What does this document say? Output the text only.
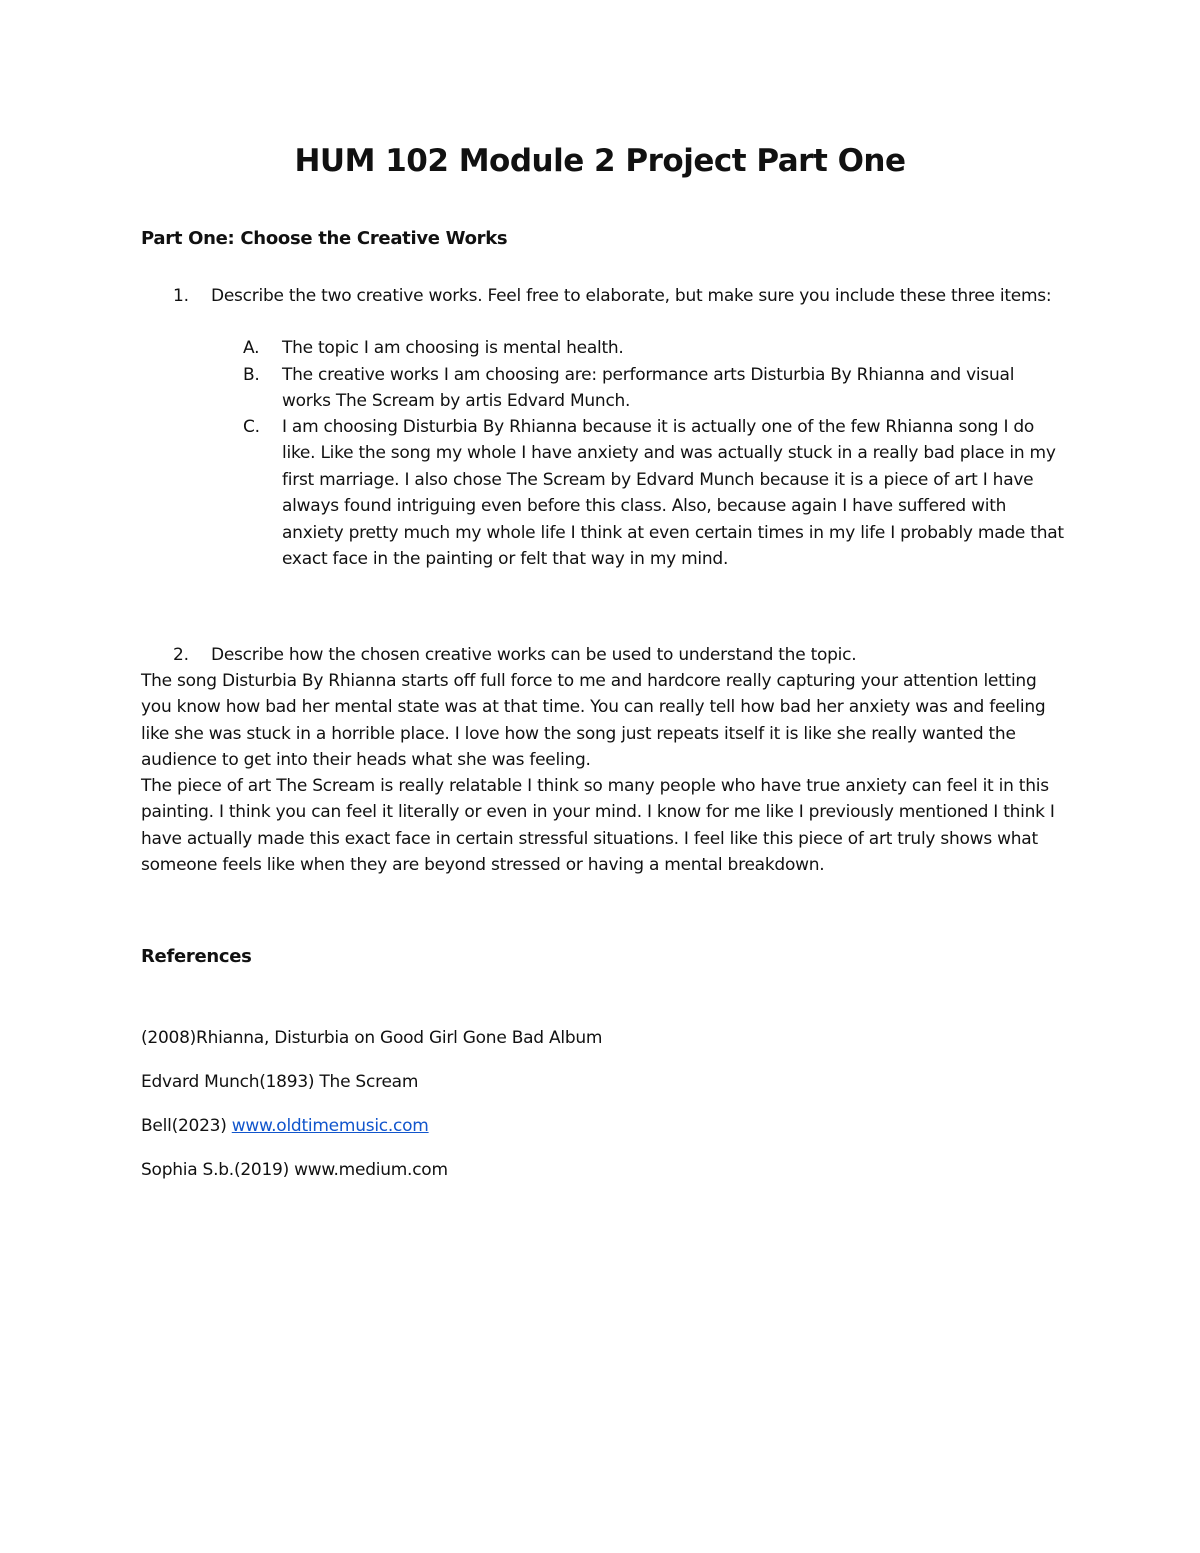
HUM 102 Module 2 Project Part One
Part One: Choose the Creative Works
1. Describe the two creative works. Feel free to elaborate, but make sure you include these three items:
A. The topic I am choosing is mental health.
B. The creative works I am choosing are: performance arts Disturbia By Rhianna and visual works The Scream by artis Edvard Munch.
C. I am choosing Disturbia By Rhianna because it is actually one of the few Rhianna song I do like. Like the song my whole I have anxiety and was actually stuck in a really bad place in my first marriage. I also chose The Scream by Edvard Munch because it is a piece of art I have always found intriguing even before this class. Also, because again I have suffered with anxiety pretty much my whole life I think at even certain times in my life I probably made that exact face in the painting or felt that way in my mind.
2. Describe how the chosen creative works can be used to understand the topic.
The song Disturbia By Rhianna starts off full force to me and hardcore really capturing your attention letting you know how bad her mental state was at that time. You can really tell how bad her anxiety was and feeling like she was stuck in a horrible place. I love how the song just repeats itself it is like she really wanted the audience to get into their heads what she was feeling.
The piece of art The Scream is really relatable I think so many people who have true anxiety can feel it in this painting. I think you can feel it literally or even in your mind. I know for me like I previously mentioned I think I have actually made this exact face in certain stressful situations. I feel like this piece of art truly shows what someone feels like when they are beyond stressed or having a mental breakdown.
References
(2008)Rhianna, Disturbia on Good Girl Gone Bad Album
Edvard Munch(1893) The Scream
Bell(2023) www.oldtimemusic.com
Sophia S.b.(2019) www.medium.com
